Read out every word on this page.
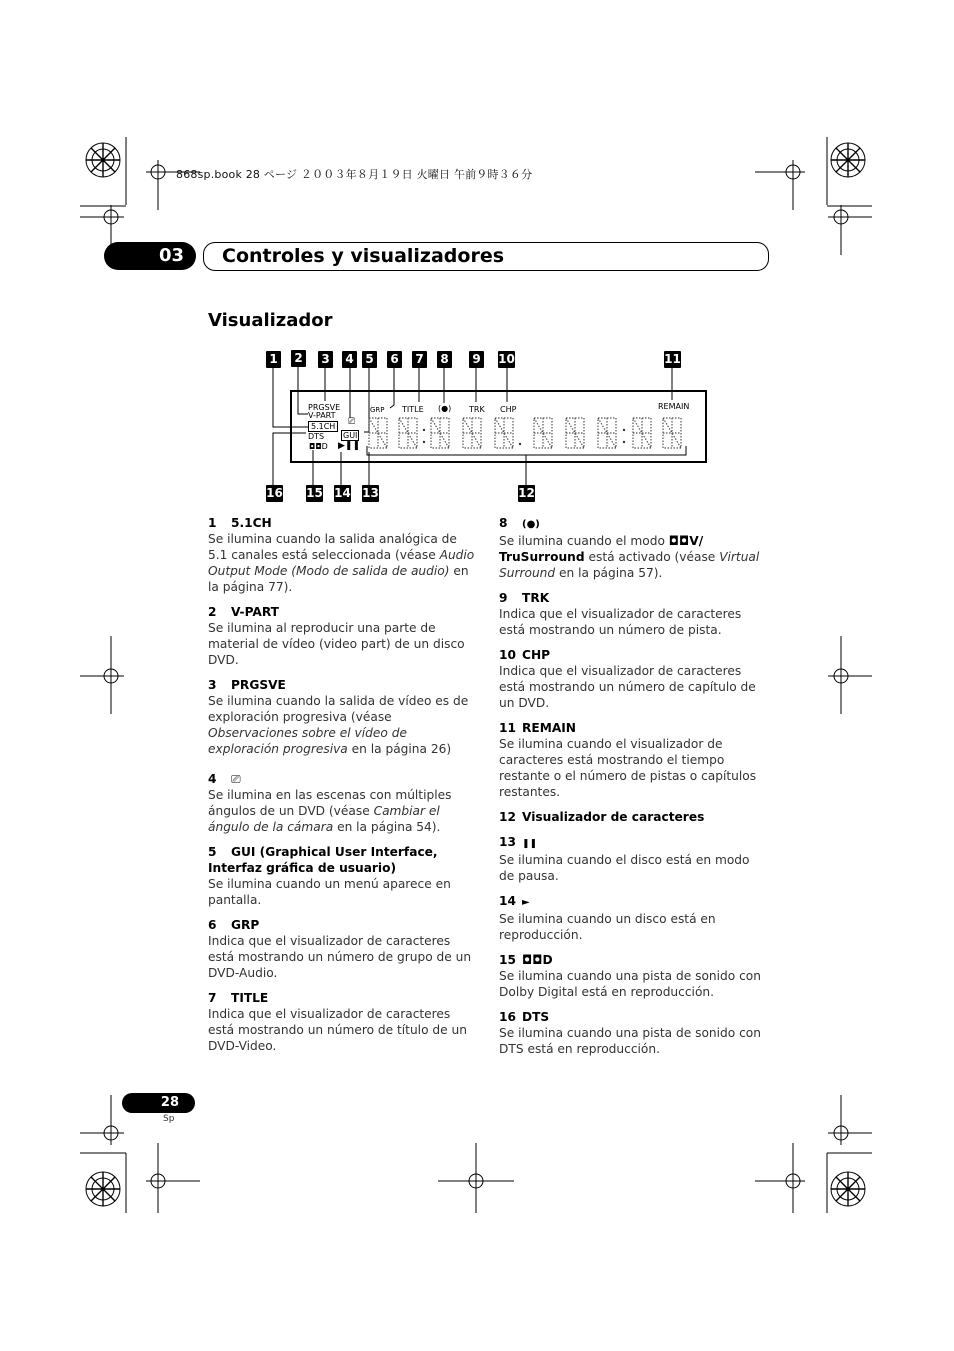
868sp.book 28 ページ ２００３年８月１９日 火曜日 午前９時３６分
03	Controles y visualizadores
Visualizador
1 2 3 4 5 6 7 8 9 10	11
16 15 14 13	12
PRGSVE
V-PART
5.1CH
DTS
◘◘D ▶❚❚
GUI
⎚
GRP TITLE (●) TRK CHP	REMAIN
1 5.1CH

Se ilumina cuando la salida analógica de 5.1 canales está seleccionada (véase Audio Output Mode (Modo de salida de audio) en la página 77).

2 V-PART

Se ilumina al reproducir una parte de material de vídeo (video part) de un disco DVD.

3 PRGSVE

Se ilumina cuando la salida de vídeo es de exploración progresiva (véase Observaciones sobre el vídeo de exploración progresiva en la página 26)

4 ⎚

Se ilumina en las escenas con múltiples ángulos de un DVD (véase Cambiar el ángulo de la cámara en la página 54).

5 GUI (Graphical User Interface, Interfaz gráfica de usuario)

Se ilumina cuando un menú aparece en pantalla.

6 GRP

Indica que el visualizador de caracteres está mostrando un número de grupo de un DVD-Audio.

7 TITLE

Indica que el visualizador de caracteres está mostrando un número de título de un DVD-Video.

8 (●)

Se ilumina cuando el modo ◘◘V/ TruSurround está activado (véase Virtual Surround en la página 57).

9 TRK

Indica que el visualizador de caracteres está mostrando un número de pista.

10 CHP

Indica que el visualizador de caracteres está mostrando un número de capítulo de un DVD.

11 REMAIN

Se ilumina cuando el visualizador de caracteres está mostrando el tiempo restante o el número de pistas o capítulos restantes.

12 Visualizador de caracteres
13 ❚❚

Se ilumina cuando el disco está en modo de pausa.

14 ►

Se ilumina cuando un disco está en reproducción.

15 ◘◘D

Se ilumina cuando una pista de sonido con Dolby Digital está en reproducción.

16 DTS

Se ilumina cuando una pista de sonido con DTS está en reproducción.

28
Sp
